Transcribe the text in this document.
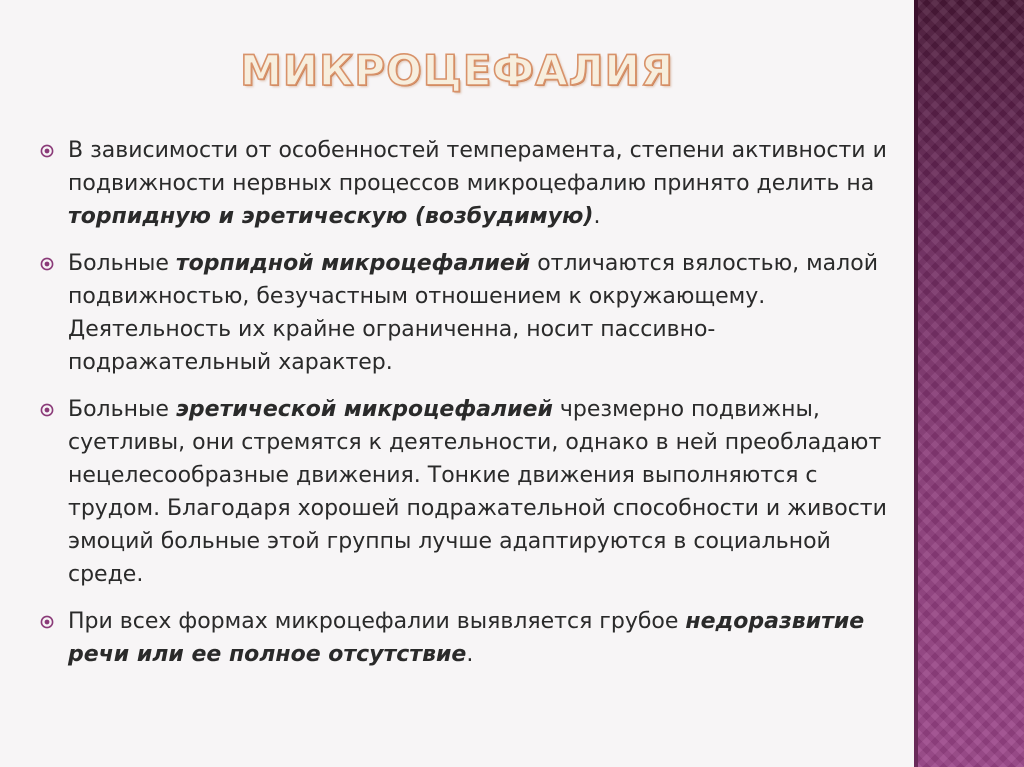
МИКРОЦЕФАЛИЯ
В зависимости от особенностей темперамента, степени активности и подвижности нервных процессов микроцефалию принято делить на торпидную и эретическую (возбудимую).
Больные торпидной микроцефалией отличаются вялостью, малой подвижностью, безучастным отношением к окружающему. Деятельность их крайне ограниченна, носит пассивно-подражательный характер.
Больные эретической микроцефалией чрезмерно подвижны, суетливы, они стремятся к деятельности, однако в ней преобладают нецелесообразные движения. Тонкие движения выполняются с трудом. Благодаря хорошей подражательной способности и живости эмоций больные этой группы лучше адаптируются в социальной среде.
При всех формах микроцефалии выявляется грубое недоразвитие речи или ее полное отсутствие.
